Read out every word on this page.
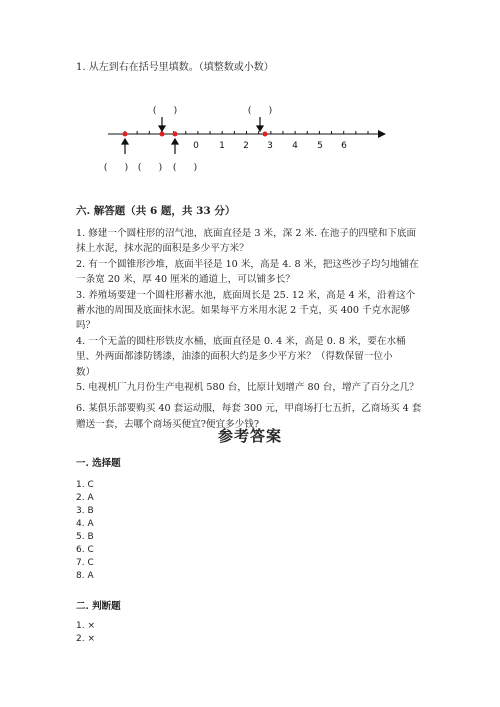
1. 从左到右在括号里填数。（填整数或小数）
0 1 2 3 4 5 6
(      )	(      )
(      ) (      ) (      )
六. 解答题（共 6 题，共 33 分）

1. 修建一个圆柱形的沼气池，底面直径是 3 米，深 2 米. 在池子的四壁和下底面

抹上水泥，抹水泥的面积是多少平方米？

2. 有一个圆锥形沙堆，底面半径是 10 米，高是 4. 8 米，把这些沙子均匀地铺在

一条宽 20 米，厚 40 厘米的通道上，可以铺多长？

3. 养殖场要建一个圆柱形蓄水池，底面周长是 25. 12 米，高是 4 米，沿着这个

蓄水池的周围及底面抹水泥。如果每平方米用水泥 2 千克，买 400 千克水泥够

吗？

4. 一个无盖的圆柱形铁皮水桶，底面直径是 0. 4 米，高是 0. 8 米，要在水桶

里、外两面都漆防锈漆，油漆的面积大约是多少平方米？（得数保留一位小

数）

5. 电视机厂九月份生产电视机 580 台，比原计划增产 80 台，增产了百分之几？

6. 某俱乐部要购买 40 套运动服，每套 300 元，甲商场打七五折，乙商场买 4 套

赠送一套，去哪个商场买便宜?便宜多少钱?

参考答案
一. 选择题
1. C
2. A
3. B
4. A
5. B
6. C
7. C
8. A
二. 判断题
1. ×
2. ×
